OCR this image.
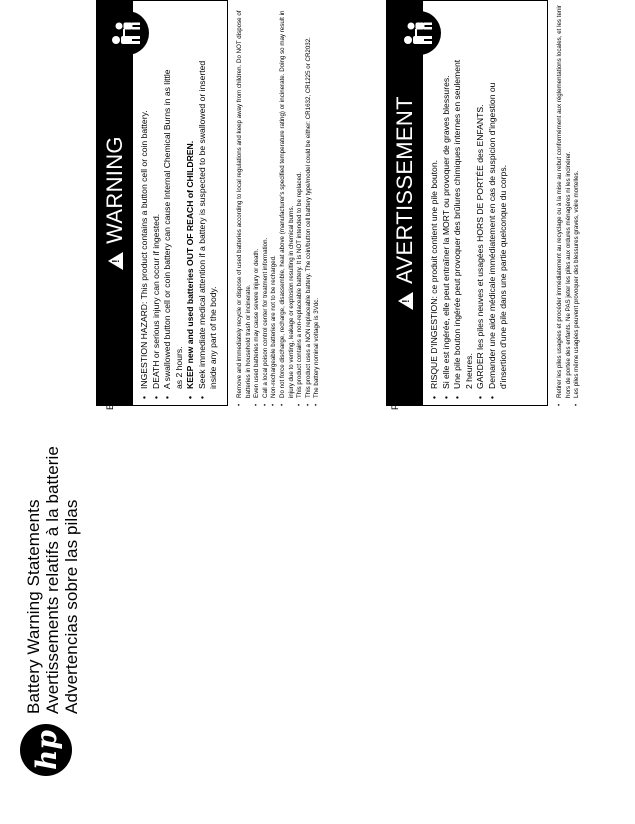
hp
Battery Warning Statements Avertissements relatifs à la batterie Advertencias sobre las pilas
!
WARNING • INGESTION HAZARD: This product contains a button cell or coin battery. • DEATH or serious injury can occur if ingested. • A swallowed button cell or coin battery can cause Internal Chemical Burns in as little as 2 hours. • KEEP new and used batteries OUT OF REACH of CHILDREN. • Seek immediate medical attention if a battery is suspected to be swallowed or inserted inside any part of the body.	• Remove and immediately recycle or dispose of used batteries according to local regulations and keep away from children. Do NOT dispose of batteries in household trash or incinerate. • Even used batteries may cause severe injury or death. • Call a local poison control center for treatment information. • Non-rechargeable batteries are not to be recharged. • Do not force discharge, recharge, disassemble, heat above (manufacturer's specified temperature rating) or incinerate. Doing so may result in injury due to venting, leakage or explosion resulting in chemical burns. • This product contains a non-replaceable battery. It is NOT intended to be replaced. • This product uses a NON replaceable battery. The coin/button cell battery type/model could be either: CR1632, CR1225 or CR2032. • The battery nominal voltage is 3Vdc.	!
AVERTISSEMENT • RISQUE D'INGESTION: ce produit contient une pile bouton. • Si elle est ingérée, elle peut entraîner la MORT ou provoquer de graves blessures. • Une pile bouton ingérée peut provoquer des brûlures chimiques internes en seulement 2 heures. • GARDER les piles neuves et usagées HORS DE PORTÉE des ENFANTS. • Demander une aide médicale immédiatement en cas de suspicion d'ingestion ou d'insertion d'une pile dans une partie quelconque du corps.	• Retirer les piles usagées et procéder immédiatement au recyclage ou à la mise au rebut conformément aux réglementations locales, et les tenir hors de portée des enfants. Ne PAS jeter les piles aux ordures ménagères ni les incinérer. • Les piles même usagées peuvent provoquer des blessures graves, voire mortelles.
